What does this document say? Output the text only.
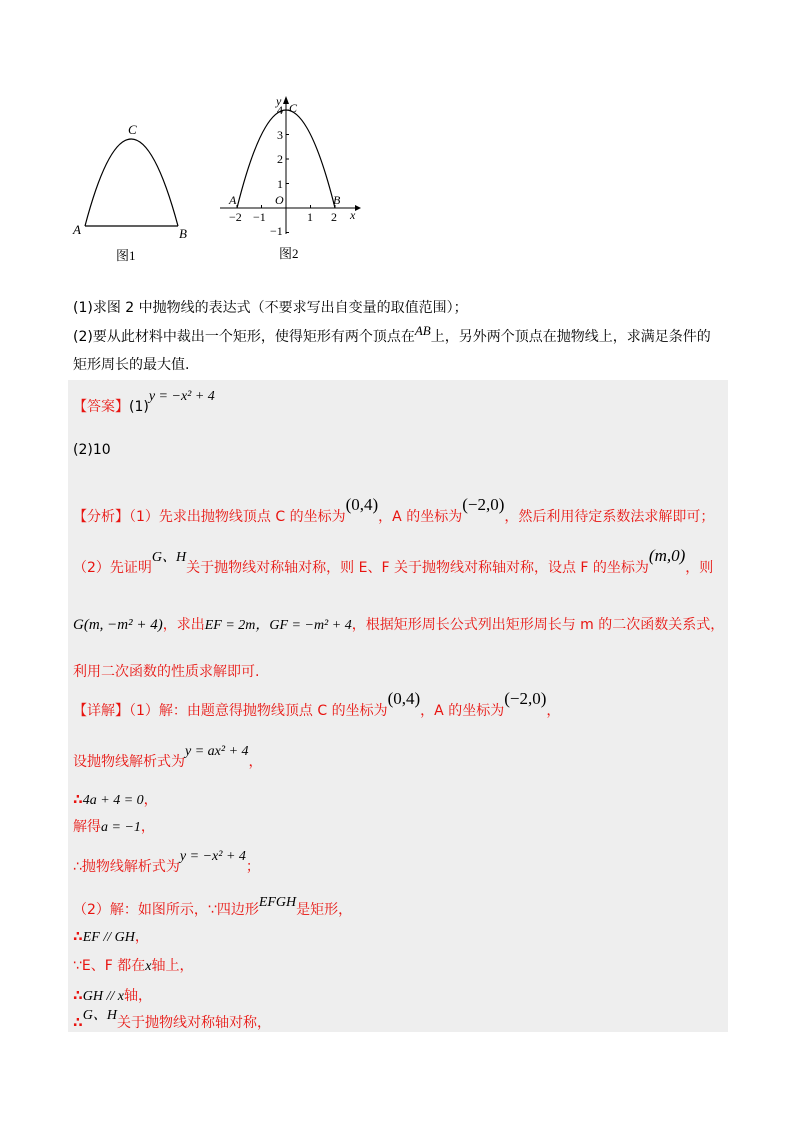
A	B
C
图1
−2 −1	1 2
1
2
3
4
−1
x
y
O
A	B
C
图2
(1)求图 2 中抛物线的表达式（不要求写出自变量的取值范围）；
(2)要从此材料中裁出一个矩形，使得矩形有两个顶点在AB上，另外两个顶点在抛物线上，求满足条件的
矩形周长的最大值.
【答案】(1)y = −x² + 4
(2)10
【分析】（1）先求出抛物线顶点 C 的坐标为(0,4)，A 的坐标为(−2,0)，然后利用待定系数法求解即可；
（2）先证明G、H关于抛物线对称轴对称，则 E、F 关于抛物线对称轴对称，设点 F 的坐标为(m,0)，则
G(m, −m² + 4)，求出EF = 2m，GF = −m² + 4，根据矩形周长公式列出矩形周长与 m 的二次函数关系式，
利用二次函数的性质求解即可.
【详解】（1）解：由题意得抛物线顶点 C 的坐标为(0,4)，A 的坐标为(−2,0)，
设抛物线解析式为y = ax² + 4，
∴4a + 4 = 0，
解得a = −1，
∴抛物线解析式为y = −x² + 4；
（2）解：如图所示，∵四边形EFGH是矩形，
∴EF // GH，
∵E、F 都在x轴上，
∴GH // x轴，
∴G、H关于抛物线对称轴对称，
